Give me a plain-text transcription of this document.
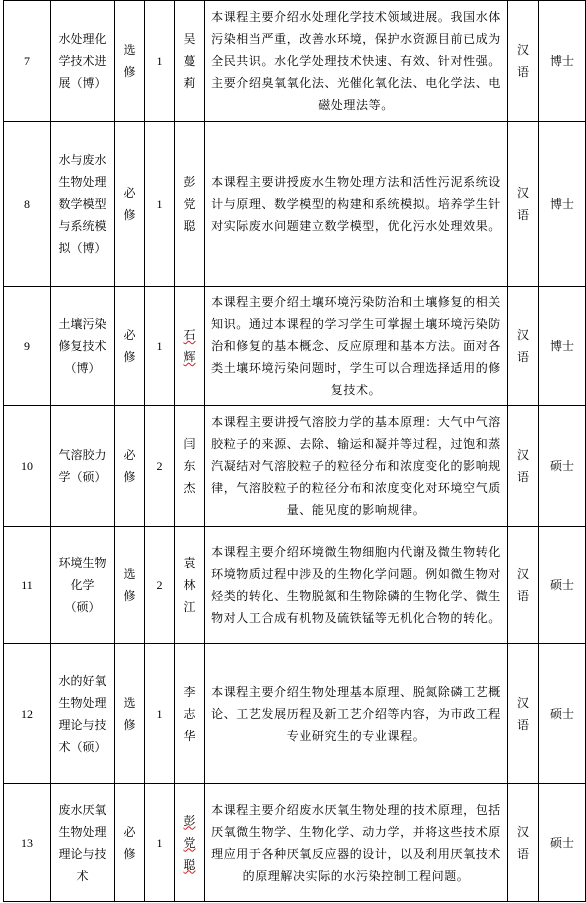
7	水处理化学技术进展（博）	选修	1	吴蔓莉	本课程主要介绍水处理化学技术领域进展。我国水体污染相当严重，改善水环境，保护水资源目前已成为全民共识。水化学处理技术快速、有效、针对性强。主要介绍臭氧氧化法、光催化氧化法、电化学法、电磁处理法等。	汉语	博士
8	水与废水生物处理数学模型与系统模拟（博）	必修	1	彭党聪	本课程主要讲授废水生物处理方法和活性污泥系统设计与原理、数学模型的构建和系统模拟。培养学生针对实际废水问题建立数学模型，优化污水处理效果。	汉语	博士
9	土壤污染修复技术（博）	必修	1	石辉	本课程主要介绍土壤环境污染防治和土壤修复的相关知识。通过本课程的学习学生可掌握土壤环境污染防治和修复的基本概念、反应原理和基本方法。面对各类土壤环境污染问题时，学生可以合理选择适用的修复技术。	汉语	博士
10	气溶胶力学（硕）	必修	2	闫东杰	本课程主要讲授气溶胶力学的基本原理：大气中气溶胶粒子的来源、去除、输运和凝并等过程，过饱和蒸汽凝结对气溶胶粒子的粒径分布和浓度变化的影响规律，气溶胶粒子的粒径分布和浓度变化对环境空气质量、能见度的影响规律。	汉语	硕士
11	环境生物化学（硕）	选修	2	袁林江	本课程主要介绍环境微生物细胞内代谢及微生物转化环境物质过程中涉及的生物化学问题。例如微生物对烃类的转化、生物脱氮和生物除磷的生物化学、微生物对人工合成有机物及硫铁锰等无机化合物的转化。	汉语	硕士
12	水的好氧生物处理理论与技术（硕）	选修	1	李志华	本课程主要介绍生物处理基本原理、脱氮除磷工艺概论、工艺发展历程及新工艺介绍等内容，为市政工程专业研究生的专业课程。	汉语	硕士
13	废水厌氧生物处理理论与技术	必修	1	彭党聪	本课程主要介绍废水厌氧生物处理的技术原理，包括厌氧微生物学、生物化学、动力学，并将这些技术原理应用于各种厌氧反应器的设计，以及利用厌氧技术的原理解决实际的水污染控制工程问题。	汉语	硕士
